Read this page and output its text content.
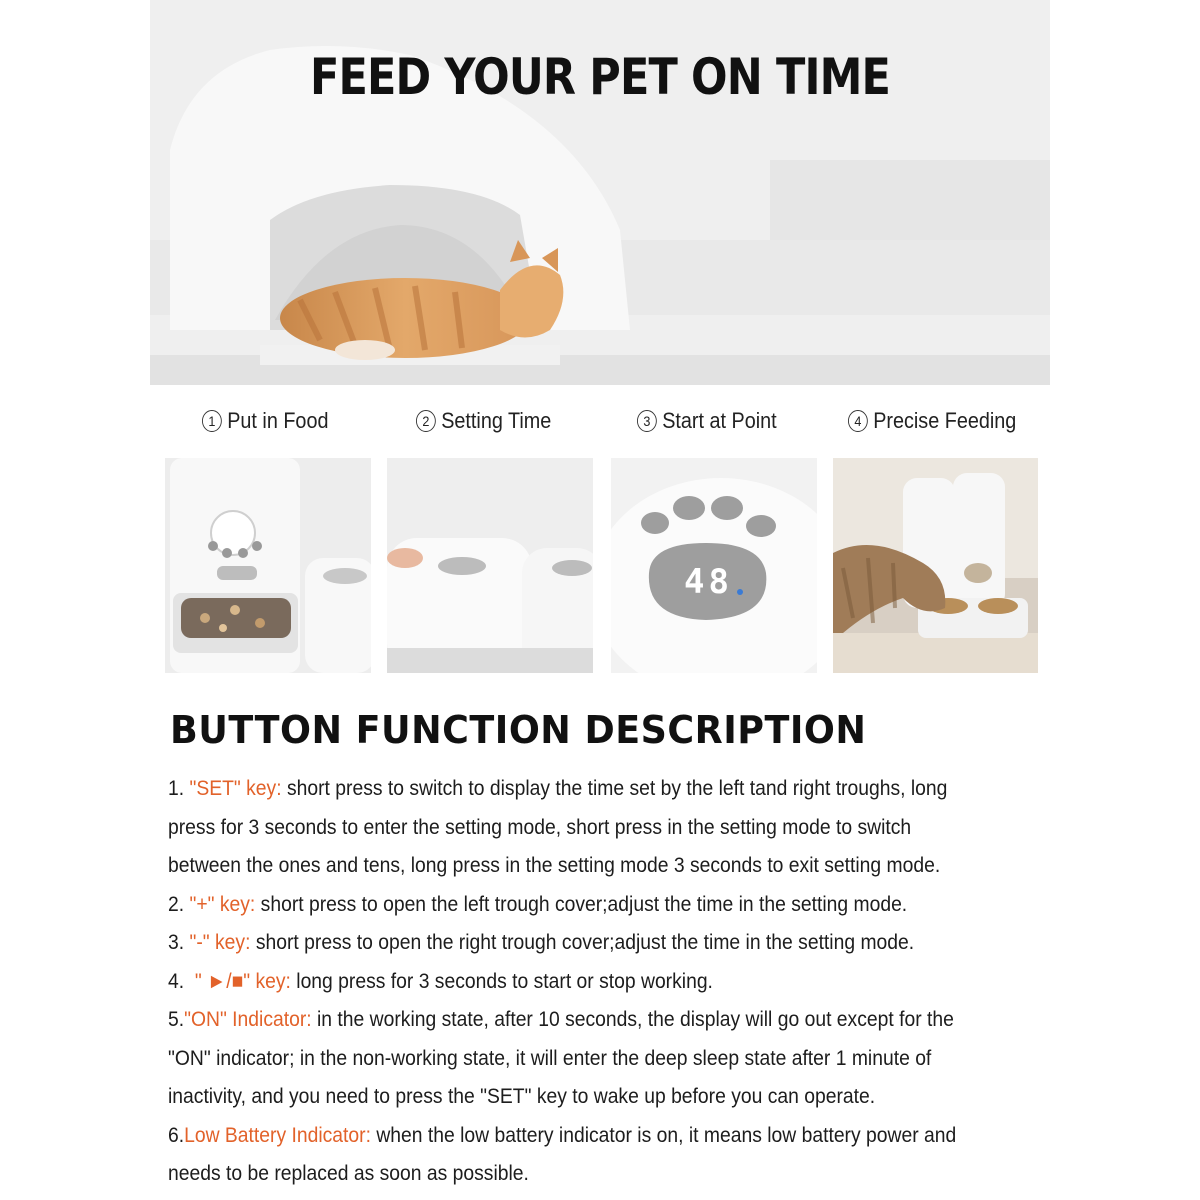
FEED YOUR PET ON TIME
1 Put in Food	2 Setting Time	3 Start at Point	4 Precise Feeding
48
BUTTON FUNCTION DESCRIPTION
1. "SET" key: short press to switch to display the time set by the left tand right troughs, long
press for 3 seconds to enter the setting mode, short press in the setting mode to switch
between the ones and tens, long press in the setting mode 3 seconds to exit setting mode.
2. "+" key: short press to open the left trough cover;adjust the time in the setting mode.
3. "-" key: short press to open the right trough cover;adjust the time in the setting mode.
4.  " ►/■" key: long press for 3 seconds to start or stop working.
5."ON" Indicator: in the working state, after 10 seconds, the display will go out except for the
"ON" indicator; in the non-working state, it will enter the deep sleep state after 1 minute of
inactivity, and you need to press the "SET" key to wake up before you can operate.
6.Low Battery Indicator: when the low battery indicator is on, it means low battery power and
needs to be replaced as soon as possible.
